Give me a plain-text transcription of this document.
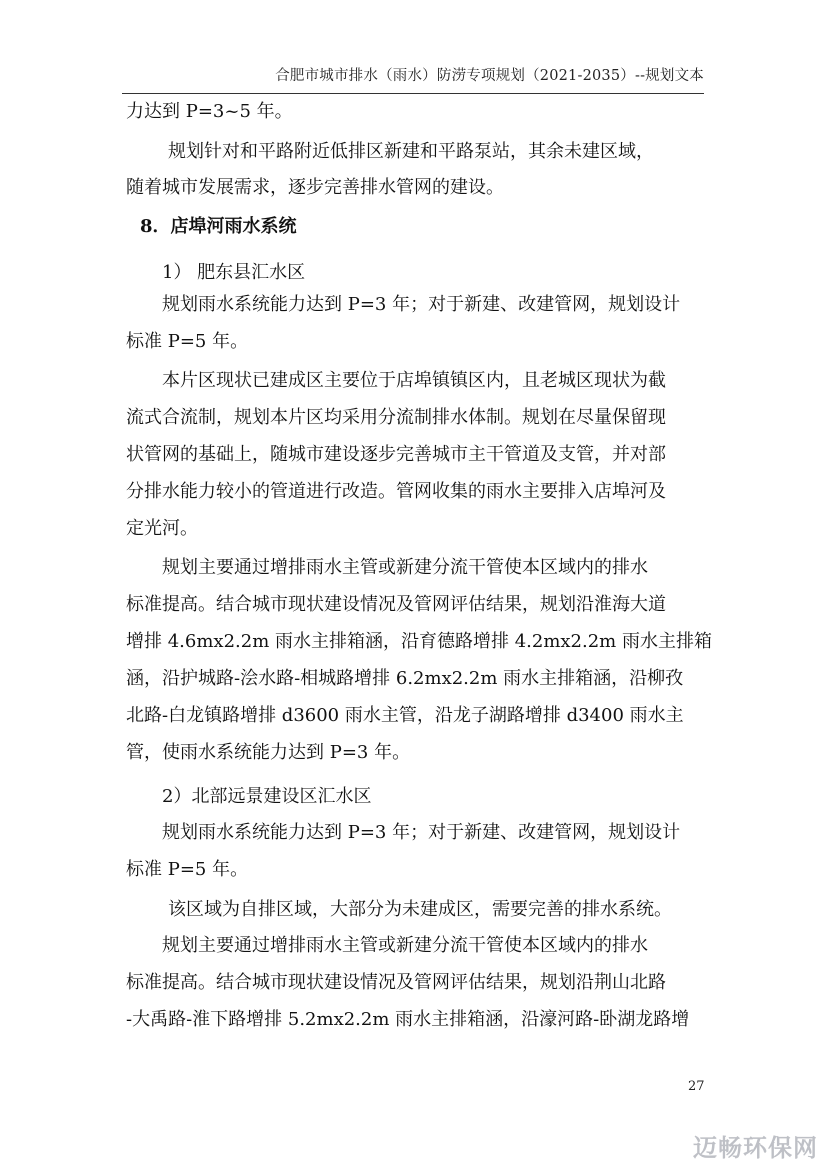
合肥市城市排水（雨水）防涝专项规划（2021-2035）--规划文本
力达到 P=3~5 年。
规划针对和平路附近低排区新建和平路泵站，其余未建区域，
随着城市发展需求，逐步完善排水管网的建设。
8．店埠河雨水系统
1） 肥东县汇水区
规划雨水系统能力达到 P=3 年；对于新建、改建管网，规划设计
标准 P=5 年。
本片区现状已建成区主要位于店埠镇镇区内，且老城区现状为截
流式合流制，规划本片区均采用分流制排水体制。规划在尽量保留现
状管网的基础上，随城市建设逐步完善城市主干管道及支管，并对部
分排水能力较小的管道进行改造。管网收集的雨水主要排入店埠河及
定光河。
规划主要通过增排雨水主管或新建分流干管使本区域内的排水
标准提高。结合城市现状建设情况及管网评估结果，规划沿淮海大道
增排 4.6mx2.2m 雨水主排箱涵，沿育德路增排 4.2mx2.2m 雨水主排箱
涵，沿护城路-浍水路-相城路增排 6.2mx2.2m 雨水主排箱涵，沿柳孜
北路-白龙镇路增排 d3600 雨水主管，沿龙子湖路增排 d3400 雨水主
管，使雨水系统能力达到 P=3 年。
2）北部远景建设区汇水区
规划雨水系统能力达到 P=3 年；对于新建、改建管网，规划设计
标准 P=5 年。
该区域为自排区域，大部分为未建成区，需要完善的排水系统。
规划主要通过增排雨水主管或新建分流干管使本区域内的排水
标准提高。结合城市现状建设情况及管网评估结果，规划沿荆山北路
-大禹路-淮下路增排 5.2mx2.2m 雨水主排箱涵，沿濠河路-卧湖龙路增
27
迈畅环保网
